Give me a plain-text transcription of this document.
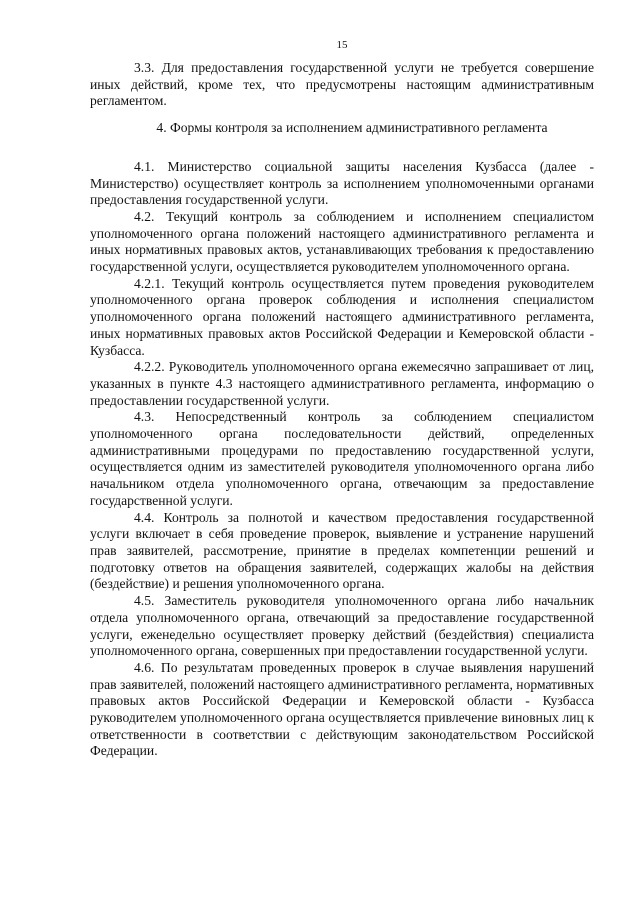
15

3.3. Для предоставления государственной услуги не требуется совершение иных действий, кроме тех, что предусмотрены настоящим административным регламентом.

4. Формы контроля за исполнением административного регламента

4.1. Министерство социальной защиты населения Кузбасса (далее - Министерство) осуществляет контроль за исполнением уполномоченными органами предоставления государственной услуги.

4.2. Текущий контроль за соблюдением и исполнением специалистом уполномоченного органа положений настоящего административного регламента и иных нормативных правовых актов, устанавливающих требования к предоставлению государственной услуги, осуществляется руководителем уполномоченного органа.

4.2.1. Текущий контроль осуществляется путем проведения руководителем уполномоченного органа проверок соблюдения и исполнения специалистом уполномоченного органа положений настоящего административного регламента, иных нормативных правовых актов Российской Федерации и Кемеровской области - Кузбасса.

4.2.2. Руководитель уполномоченного органа ежемесячно запрашивает от лиц, указанных в пункте 4.3 настоящего административного регламента, информацию о предоставлении государственной услуги.

4.3. Непосредственный контроль за соблюдением специалистом уполномоченного органа последовательности действий, определенных административными процедурами по предоставлению государственной услуги, осуществляется одним из заместителей руководителя уполномоченного органа либо начальником отдела уполномоченного органа, отвечающим за предоставление государственной услуги.

4.4. Контроль за полнотой и качеством предоставления государственной услуги включает в себя проведение проверок, выявление и устранение нарушений прав заявителей, рассмотрение, принятие в пределах компетенции решений и подготовку ответов на обращения заявителей, содержащих жалобы на действия (бездействие) и решения уполномоченного органа.

4.5. Заместитель руководителя уполномоченного органа либо начальник отдела уполномоченного органа, отвечающий за предоставление государственной услуги, еженедельно осуществляет проверку действий (бездействия) специалиста уполномоченного органа, совершенных при предоставлении государственной услуги.

4.6. По результатам проведенных проверок в случае выявления нарушений прав заявителей, положений настоящего административного регламента, нормативных правовых актов Российской Федерации и Кемеровской области - Кузбасса руководителем уполномоченного органа осуществляется привлечение виновных лиц к ответственности в соответствии с действующим законодательством Российской Федерации.
